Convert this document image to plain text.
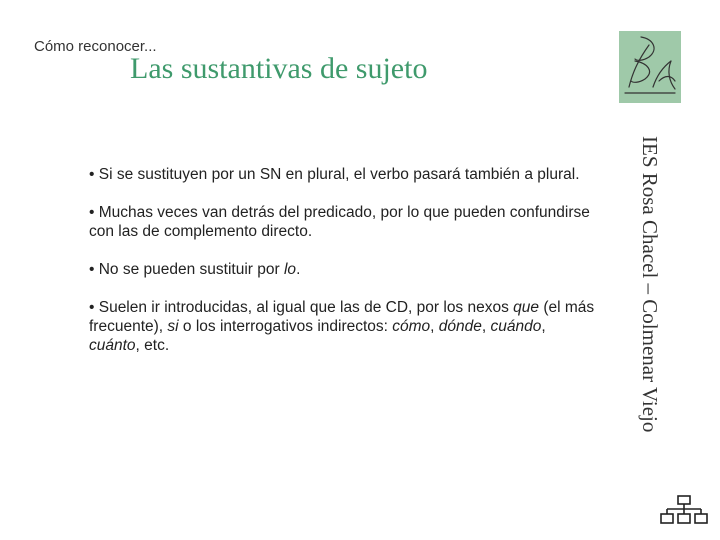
Cómo reconocer...
Las sustantivas de sujeto

• Si se sustituyen por un SN en plural, el verbo pasará también a plural.

• Muchas veces van detrás del predicado, por lo que pueden confundirse con las de complemento directo.

• No se pueden sustituir por lo.

• Suelen ir introducidas, al igual que las de CD, por los nexos que (el más frecuente), si o los interrogativos indirectos: cómo, dónde, cuándo, cuánto, etc.	IES Rosa Chacel – Colmenar Viejo
